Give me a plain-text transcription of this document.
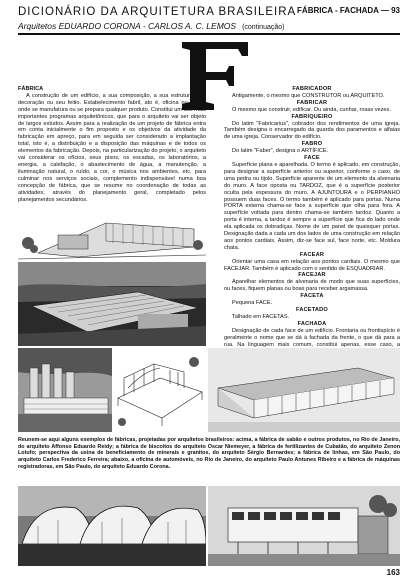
DICIONÁRIO DA ARQUITETURA BRASILEIRA
Arquitetos EDUARDO CORONA - CARLOS A. C. LEMOS (continuação)
FÁBRICA - FACHADA — 93
FÁBRICA

A construção de um edifício, a sua composição, a sua estrutura, sua decoração ou seu feitio. Estabelecimento fabril, ato é, oficina ou prédio onde se manufatura ou se prepara qualquer produto. Constitui um dos mais importantes programas arquitetônicos, que para o arquiteto vai ser objeto de largos estudos. Assim para a realização de um projeto de fábrica entra em conta inicialmente o fim proposto e os objetivos da atividade da fabricação em apreço, para em seguida ser considerado a implantação total, isto é, a distribuição e a disposição das máquinas e de todos os elementos da fabricação. Depois, na particularização do projeto, o arquiteto vai considerar os ofícios, seus pisos, os escadas, os laboratórios, a energia, a calefação, o abastecimento de água, a manutenção, a iluminação natural, o ruído, a cor, o música nos ambientes, etc. para culminar nos serviços sociais, complemento indispensável numa boa concepção de fábrica, que se resume no coordenação de todas as atividades, através do planejamento geral, completado pelos planejamentos secundários.

FABRICADOR

Antigamente, o mesmo que CONSTRUTOR ou ARQUITETO.

FABRICAR

O mesmo que construir, edificar. Ou ainda, cunhar, rosas vezes.

FABRIQUEIRO

Do latim "Fabricarius", cobrador dos rendimentos de uma igreja. Também designa o encarregado da guarda dos paramentos e alfaias de uma igreja. Conservador do edifício.

FABRO

Do latim "Faber", designa o ARTÍFICE.

FACE

Superfície plana e aparelhada. O termo é aplicado, em construção, para designar a superfície anterior ou superior, conforme o caso, de uma pedra ou tijolo. Superfície aparente de um elemento da alvenaria do muro. A face oposta ou TARDOZ, que é a superfície posterior oculta pela espessura do muro. A AJUNTOURA e o PERPIANHO possuem duas faces. O termo também é aplicado para portas. Numa PORTA externa chama-se face a superfície que olha para fora. A superfície voltada para dentro chama-se também tardoz. Quanto a porta é interna, a tardoz é sempre a superfície que fica do lado onde ela aplicada os dobradiças. Nome de um panel de quaisquer portas. Designação dada a cada um dos lados de uma construção em relação aos pontos cardiais. Assim, diz-se face sul, face norte, etc. Moldura chata.

FACEAR

Orientar uma casa em relação aos pontos cardiais. O mesmo que FACEJAR. Também é aplicado com o sentido de ESQUADRIAR.

FACEJAR

Aparelhar elementos de alvenaria de modo que suas superfícies, ou faces, fiquem planas ou boas para receber argamassa.

FACETA

Pequena FACE.

FACETADO

Talhado em FACETAS.

FACHADA

Designação de cada face de um edifício. Frontaria ou frontispício é geralmente o nome que se dá à fachada da frente, o que dá para a rua. Na linguagem mais comum, constitui apenas, esse caso, a

Reunem-se aqui alguns exemplos de fábricas, projetadas por arquitetos brasileiros: acima, a fábrica de sabão e outros produtos, no Rio de Janeiro, do arquiteto Affonso Eduardo Reidy; a fábrica de biscoitos do arquiteto Oscar Niemeyer, a fábrica de fertilizantes de Cubatão, do arquiteto Zenon Lotufo; perspectiva da usina de beneficiamento de minerais e granitos, do arquiteto Sérgio Bernardes; a fábrica de linhas, em São Paulo, do arquiteto Carlos Frederico Ferreira; abaixo, a oficina de automóveis, no Rio de Janeiro, do arquiteto Paulo Antunes Ribeiro e a fábrica de máquinas registradoras, em São Paulo, do arquiteto Eduardo Corona.
163
